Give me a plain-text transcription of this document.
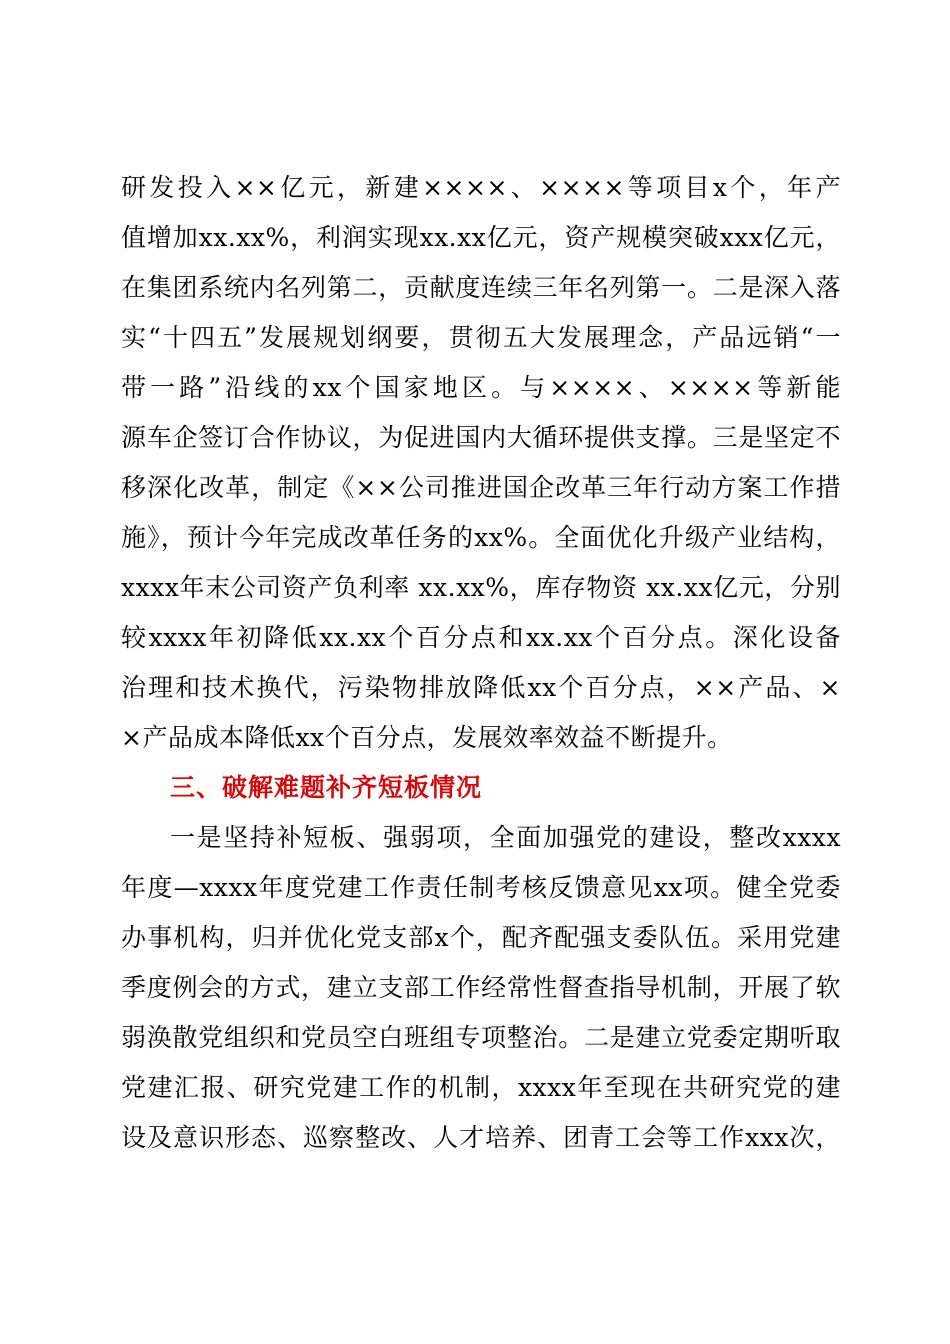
研发投入××亿元，新建××××、××××等项目x个，年产
值增加xx.xx%，利润实现xx.xx亿元，资产规模突破xxx亿元，
在集团系统内名列第二，贡献度连续三年名列第一。二是深入落
实“十四五”发展规划纲要，贯彻五大发展理念，产品远销“一
带一路”沿线的xx个国家地区。与××××、××××等新能
源车企签订合作协议，为促进国内大循环提供支撑。三是坚定不
移深化改革，制定《××公司推进国企改革三年行动方案工作措
施》，预计今年完成改革任务的xx%。全面优化升级产业结构，
xxxx年末公司资产负利率 xx.xx%，库存物资 xx.xx亿元，分别
较xxxx年初降低xx.xx个百分点和xx.xx个百分点。深化设备
治理和技术换代，污染物排放降低xx个百分点，××产品、×
×产品成本降低xx个百分点，发展效率效益不断提升。
三、破解难题补齐短板情况
一是坚持补短板、强弱项，全面加强党的建设，整改xxxx
年度—xxxx年度党建工作责任制考核反馈意见xx项。健全党委
办事机构，归并优化党支部x个，配齐配强支委队伍。采用党建
季度例会的方式，建立支部工作经常性督查指导机制，开展了软
弱涣散党组织和党员空白班组专项整治。二是建立党委定期听取
党建汇报、研究党建工作的机制，xxxx年至现在共研究党的建
设及意识形态、巡察整改、人才培养、团青工会等工作xxx次，
